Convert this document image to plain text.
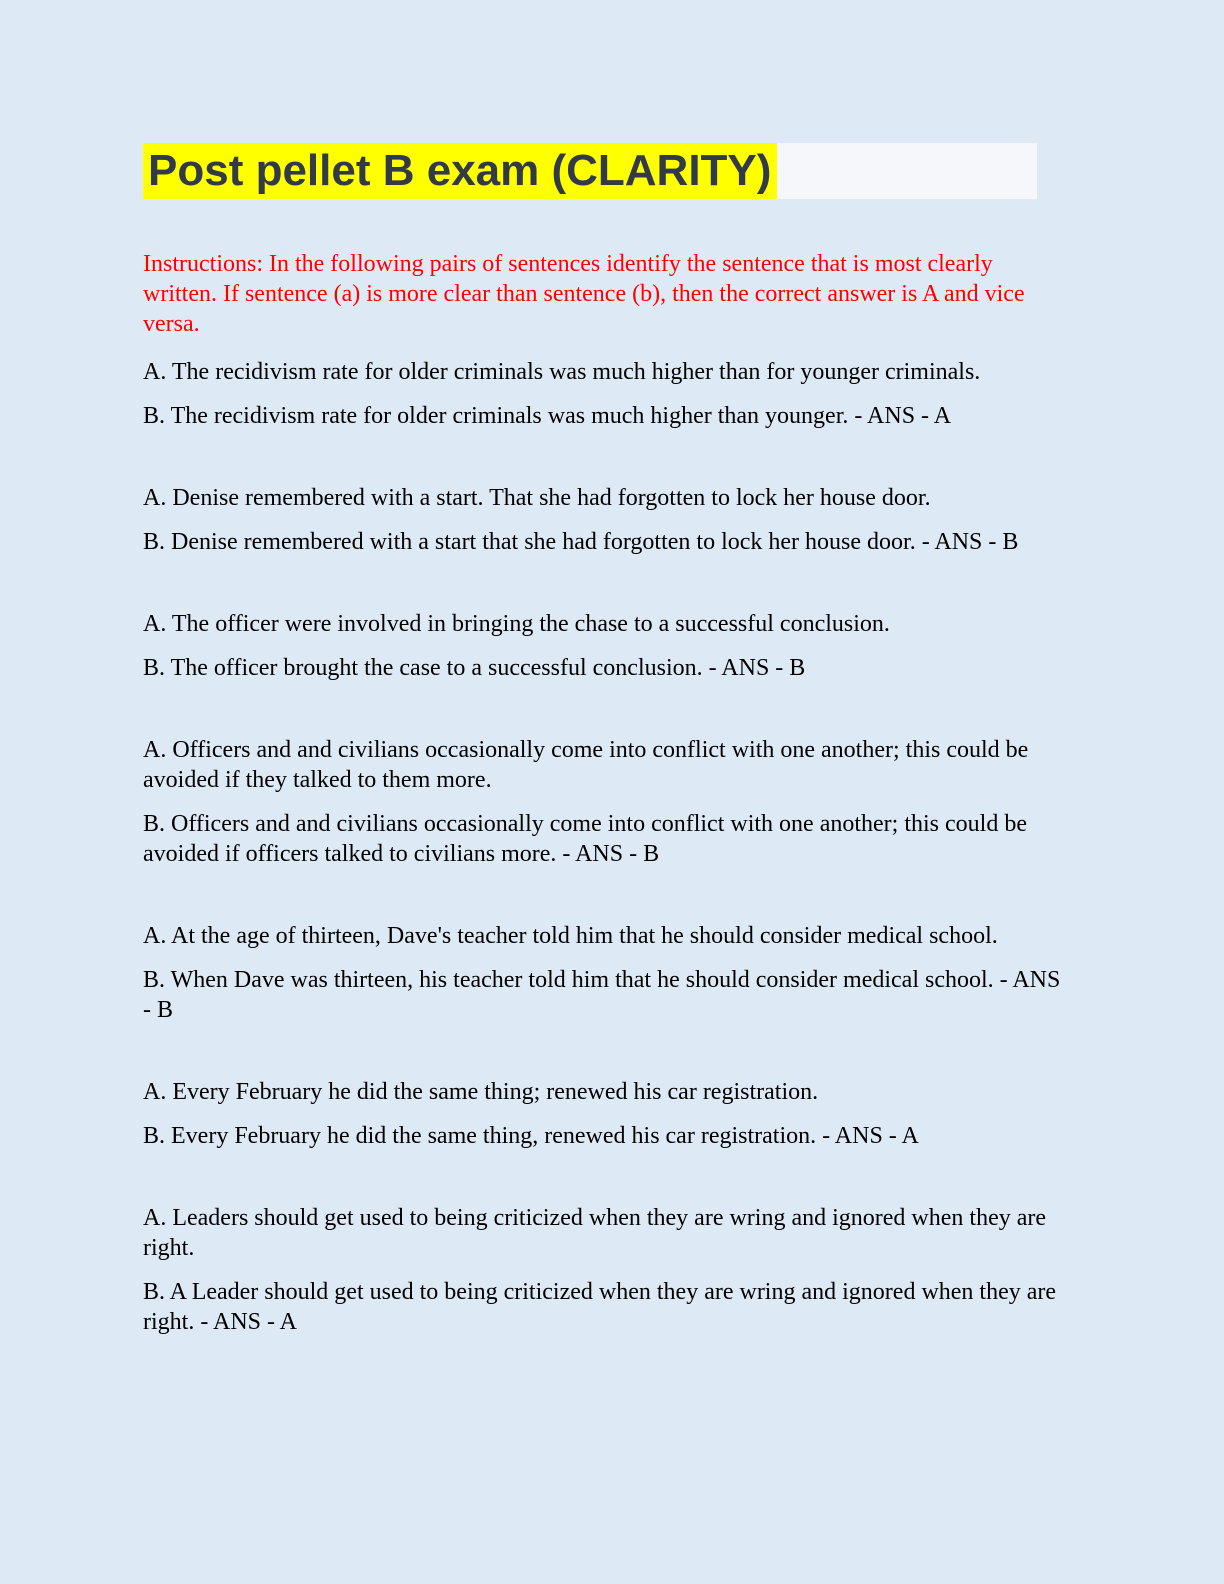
Post pellet B exam (CLARITY)

Instructions: In the following pairs of sentences identify the sentence that is most clearly written. If sentence (a) is more clear than sentence (b), then the correct answer is A and vice versa.

A. The recidivism rate for older criminals was much higher than for younger criminals.

B. The recidivism rate for older criminals was much higher than younger. - ANS - A

A. Denise remembered with a start. That she had forgotten to lock her house door.

B. Denise remembered with a start that she had forgotten to lock her house door. - ANS - B

A. The officer were involved in bringing the chase to a successful conclusion.

B. The officer brought the case to a successful conclusion. - ANS - B

A. Officers and and civilians occasionally come into conflict with one another; this could be avoided if they talked to them more.

B. Officers and and civilians occasionally come into conflict with one another; this could be avoided if officers talked to civilians more. - ANS - B

A. At the age of thirteen, Dave's teacher told him that he should consider medical school.

B. When Dave was thirteen, his teacher told him that he should consider medical school. - ANS - B

A. Every February he did the same thing; renewed his car registration.

B. Every February he did the same thing, renewed his car registration. - ANS - A

A. Leaders should get used to being criticized when they are wring and ignored when they are right.

B. A Leader should get used to being criticized when they are wring and ignored when they are right. - ANS - A
